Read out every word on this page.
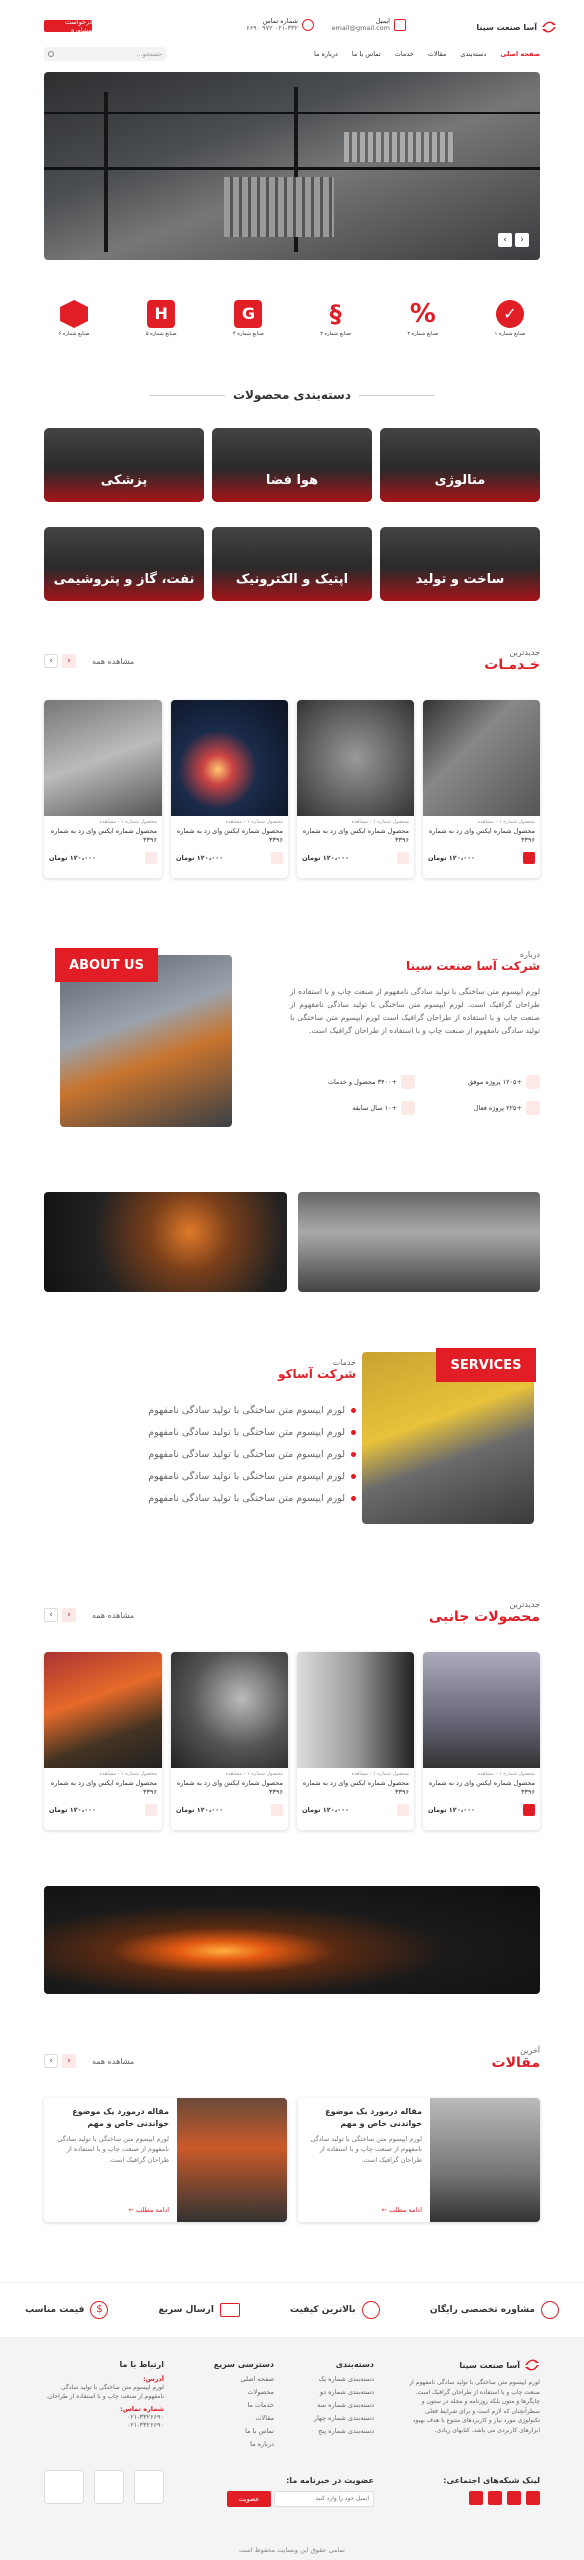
آسا صنعت سینا
ایمیل
email@gmail.com
شماره تماس
۰۲۱-۳۳۲ ۹۷۲ ۶۶۹۰
درخواست مشاوره
صفحه اصلی
دسته‌بندی
مقالات
خدمات
تماس با ما
درباره ما
جستجو...
›	‹
✓
صنایع شماره ۱
%
صنایع شماره ۲
§
صنایع شماره ۳
G
صنایع شماره ۴
H
صنایع شماره ۵
صنایع شماره ۶
دسته‌بندی محصولات
متالوژی
هوا فضا
پزشکی
ساخت و تولید
اپتیک و الکترونیک
نفت، گاز و پتروشیمی
جدیدترین
خـدمـات
مشاهده همه
›	‹
محصول شماره ۱ - مشاهده
محصول شماره ایکس وای زد به شماره ۳۳۹۶
۱۲۰،۰۰۰ تومان
محصول شماره ۱ - مشاهده
محصول شماره ایکس وای زد به شماره ۳۳۹۶
۱۲۰،۰۰۰ تومان
محصول شماره ۱ - مشاهده
محصول شماره ایکس وای زد به شماره ۳۳۹۶
۱۲۰،۰۰۰ تومان
محصول شماره ۱ - مشاهده
محصول شماره ایکس وای زد به شماره ۳۳۹۶
۱۲۰،۰۰۰ تومان
درباره
شرکت آسا صنعت سینا
لورم ایپسوم متن ساختگی با تولید سادگی نامفهوم از صنعت چاپ و با استفاده از طراحان گرافیک است. لورم ایپسوم متن ساختگی با تولید سادگی نامفهوم از صنعت چاپ و با استفاده از طراحان گرافیک است لورم ایپسوم متن ساختگی با تولید سادگی نامفهوم از صنعت چاپ و با استفاده از طراحان گرافیک است.
+۱۲۰۵ پروژه موفق
+۳۴۰۰ محصول و خدمات
+۲۲۵ پروژه فعال
+۱۰ سال سابقه
ABOUT US
خدمات
شرکت آساکو
لورم ایپسوم متن ساختگی با تولید سادگی نامفهوم
لورم ایپسوم متن ساختگی با تولید سادگی نامفهوم
لورم ایپسوم متن ساختگی با تولید سادگی نامفهوم
لورم ایپسوم متن ساختگی با تولید سادگی نامفهوم
لورم ایپسوم متن ساختگی با تولید سادگی نامفهوم
SERVICES
جدیدترین
محصولات جانبی
مشاهده همه
›	‹
محصول شماره ۱ - مشاهده
محصول شماره ایکس وای زد به شماره ۳۳۹۶
۱۲۰،۰۰۰ تومان
محصول شماره ۱ - مشاهده
محصول شماره ایکس وای زد به شماره ۳۳۹۶
۱۲۰،۰۰۰ تومان
محصول شماره ۱ - مشاهده
محصول شماره ایکس وای زد به شماره ۳۳۹۶
۱۲۰،۰۰۰ تومان
محصول شماره ۱ - مشاهده
محصول شماره ایکس وای زد به شماره ۳۳۹۶
۱۲۰،۰۰۰ تومان
آخرین
مقالات
مشاهده همه
›	‹
مقاله درمورد یک موضوع خواندنی خاص و مهم
لورم ایپسوم متن ساختگی با تولید سادگی نامفهوم از صنعت چاپ و با استفاده از طراحان گرافیک است.
ادامه مطلب ←
مقاله درمورد یک موضوع خواندنی خاص و مهم
لورم ایپسوم متن ساختگی با تولید سادگی نامفهوم از صنعت چاپ و با استفاده از طراحان گرافیک است.
ادامه مطلب ←
مشاوره تخصصی رایگان
بالاترین کیفیت
ارسال سریع
$
قیمت مناسب
آسا صنعت سینا
لورم ایپسوم متن ساختگی با تولید سادگی نامفهوم از صنعت چاپ و با استفاده از طراحان گرافیک است. چاپگرها و متون بلکه روزنامه و مجله در ستون و سطرآنچنان که لازم است و برای شرایط فعلی تکنولوژی مورد نیاز و کاربردهای متنوع با هدف بهبود ابزارهای کاربردی می باشد. کتابهای زیادی.
دسته‌بندی
دسته‌بندی شماره یک
دسته‌بندی شماره دو
دسته‌بندی شماره سه
دسته‌بندی شماره چهار
دسته‌بندی شماره پنج
دسترسی سریع
صفحه اصلی
محصولات
خدمات ما
مقالات
تماس با ما
درباره ما
ارتباط با ما
آدرس:
لورم ایپسوم متن ساختگی با تولید سادگی نامفهوم از صنعت چاپ و با استفاده از طراحان.
شماره تماس:
۰۲۱-۳۳۲۶۶۹۰
۰۲۱-۳۳۲۶۶۹۰
لینک شبکه‌های اجتماعی:
عضویت در خبرنامه ما:
ایمیل خود را وارد کنید
عضویت
تمامی حقوق این وبسایت محفوظ است
